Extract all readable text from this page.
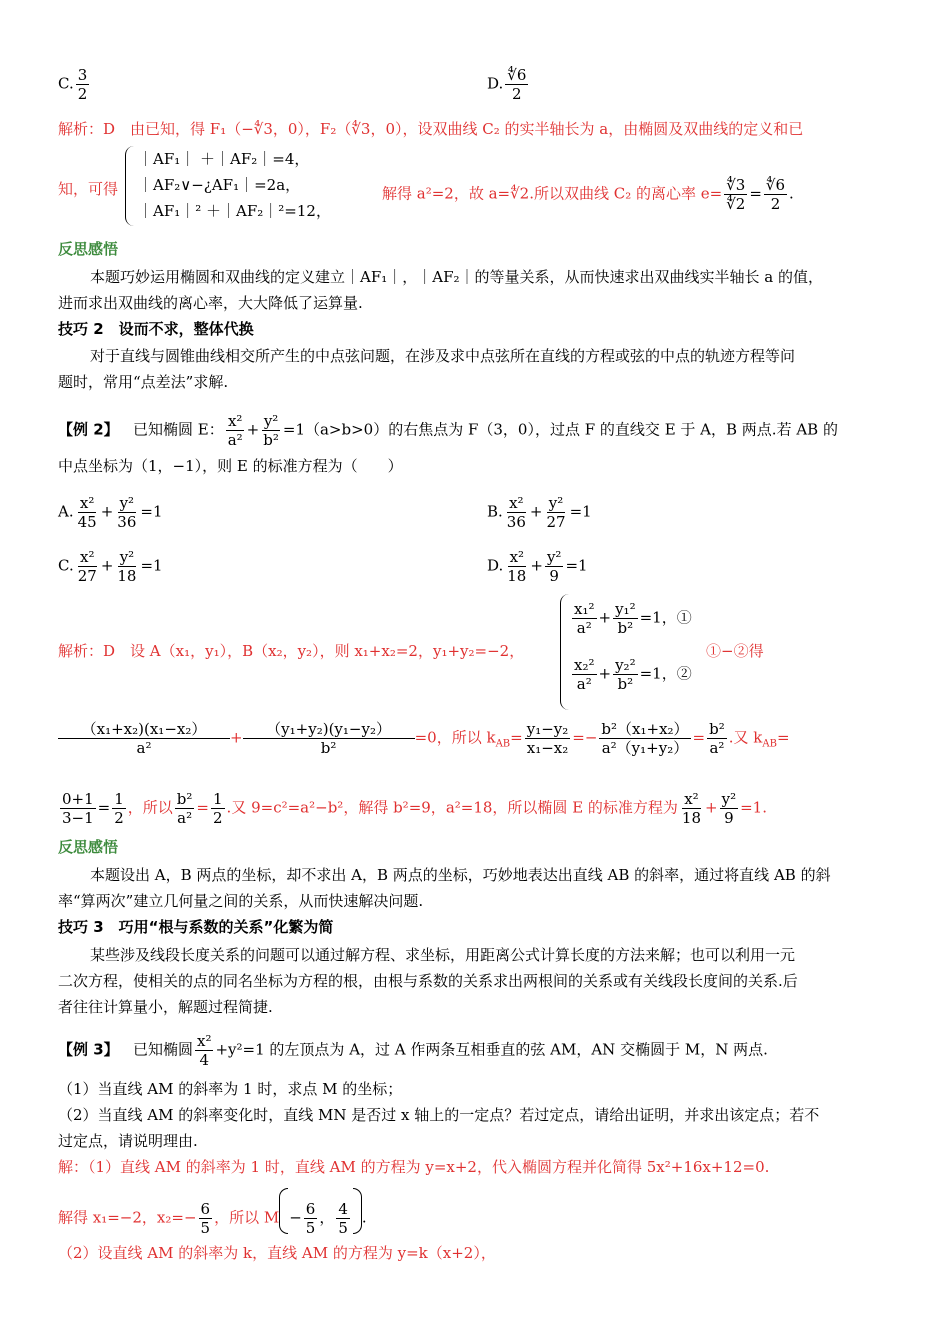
C. $\frac{3}{2}$	D. $\frac{∜6}{2}$
解析：D　由已知，得 F₁（−∜3，0），F₂（∜3，0），设双曲线 C₂ 的实半轴长为 a，由椭圆及双曲线的定义和已
知，可得
｜AF₁｜ ＋｜AF₂｜=4，
｜AF₂∨−¿AF₁｜=2a，
｜AF₁｜² ＋｜AF₂｜²=12，
解得 a²=2，故 a=∜2.所以双曲线 C₂ 的离心率 $e= \frac{∜3}{∜2} = \frac{∜6}{2}$ .
反思感悟
本题巧妙运用椭圆和双曲线的定义建立｜AF₁｜，｜AF₂｜的等量关系，从而快速求出双曲线实半轴长 a 的值，
进而求出双曲线的离心率，大大降低了运算量.
技巧 2　设而不求，整体代换
对于直线与圆锥曲线相交所产生的中点弦问题，在涉及求中点弦所在直线的方程或弦的中点的轨迹方程等问
题时，常用“点差法”求解.
【例 2】 已知椭圆 E： $\frac{\text{x²}}{\text{a²}} + \frac{\text{y²}}{\text{b²}} =1(a>b>0)$的右焦点为 F（3，0），过点 F 的直线交 E 于 A，B 两点.若 AB 的
中点坐标为（1，−1），则 E 的标准方程为（　　）
A. $\frac{\text{x²}}{45} + \frac{\text{y²}}{36} =1$	B. $\frac{\text{x²}}{36} + \frac{\text{y²}}{27} =1$
C. $\frac{\text{x²}}{27} + \frac{\text{y²}}{18} =1$	D. $\frac{\text{x²}}{18} + \frac{\text{y²}}{9} =1$
解析：D　设 A（x₁，y₁），B（x₂，y₂），则 x₁+x₂=2，y₁+y₂=−2，
$\frac{\text{x₁²}}{\text{a²}} + \frac{\text{y₁²}}{\text{b²}} =1$，①
$\frac{\text{x₂²}}{\text{a²}} + \frac{\text{y₂²}}{\text{b²}} =1$，②
①−②得
$\frac{\text{（x₁+x₂)(x₁−x₂）}}{\text{a²}} + \frac{\text{（y₁+y₂)(y₁−y₂）}}{\text{b²}} =0$，所以 $k_{AB}= \frac{\text{y₁−y₂}}{\text{x₁−x₂}} =- \frac{\text{b²（x₁+x₂）}}{\text{a²（y₁+y₂）}} = \frac{\text{b²}}{\text{a²}}$ .又 $k_{AB}=$
$\frac{0+1}{3-1} = \frac{1}{2}$ ，所以 $\frac{\text{b²}}{\text{a²}} = \frac{1}{2}$ .又 9=c²=a²−b²，解得 b²=9，a²=18，所以椭圆 E 的标准方程为 $\frac{\text{x²}}{18} + \frac{\text{y²}}{9} =1$.
反思感悟
本题设出 A，B 两点的坐标，却不求出 A，B 两点的坐标，巧妙地表达出直线 AB 的斜率，通过将直线 AB 的斜
率“算两次”建立几何量之间的关系，从而快速解决问题.
技巧 3　巧用“根与系数的关系”化繁为简
某些涉及线段长度关系的问题可以通过解方程、求坐标，用距离公式计算长度的方法来解；也可以利用一元
二次方程，使相关的点的同名坐标为方程的根，由根与系数的关系求出两根间的关系或有关线段长度间的关系.后
者往往计算量小，解题过程简捷.
【例 3】 已知椭圆 $\frac{\text{x²}}{4} +y^2=1$ 的左顶点为 A，过 A 作两条互相垂直的弦 AM，AN 交椭圆于 M，N 两点.
（1）当直线 AM 的斜率为 1 时，求点 M 的坐标；
（2）当直线 AM 的斜率变化时，直线 MN 是否过 x 轴上的一定点？若过定点，请给出证明，并求出该定点；若不
过定点，请说明理由.
解：（1）直线 AM 的斜率为 1 时，直线 AM 的方程为 y=x+2，代入椭圆方程并化简得 5x²+16x+12=0.
解得 x₁=−2，$x_2=- \frac{6}{5}$ ，所以 $M - \frac{6}{5}$ ， $\frac{4}{5}$ .
（2）设直线 AM 的斜率为 k，直线 AM 的方程为 y=k（x+2），
